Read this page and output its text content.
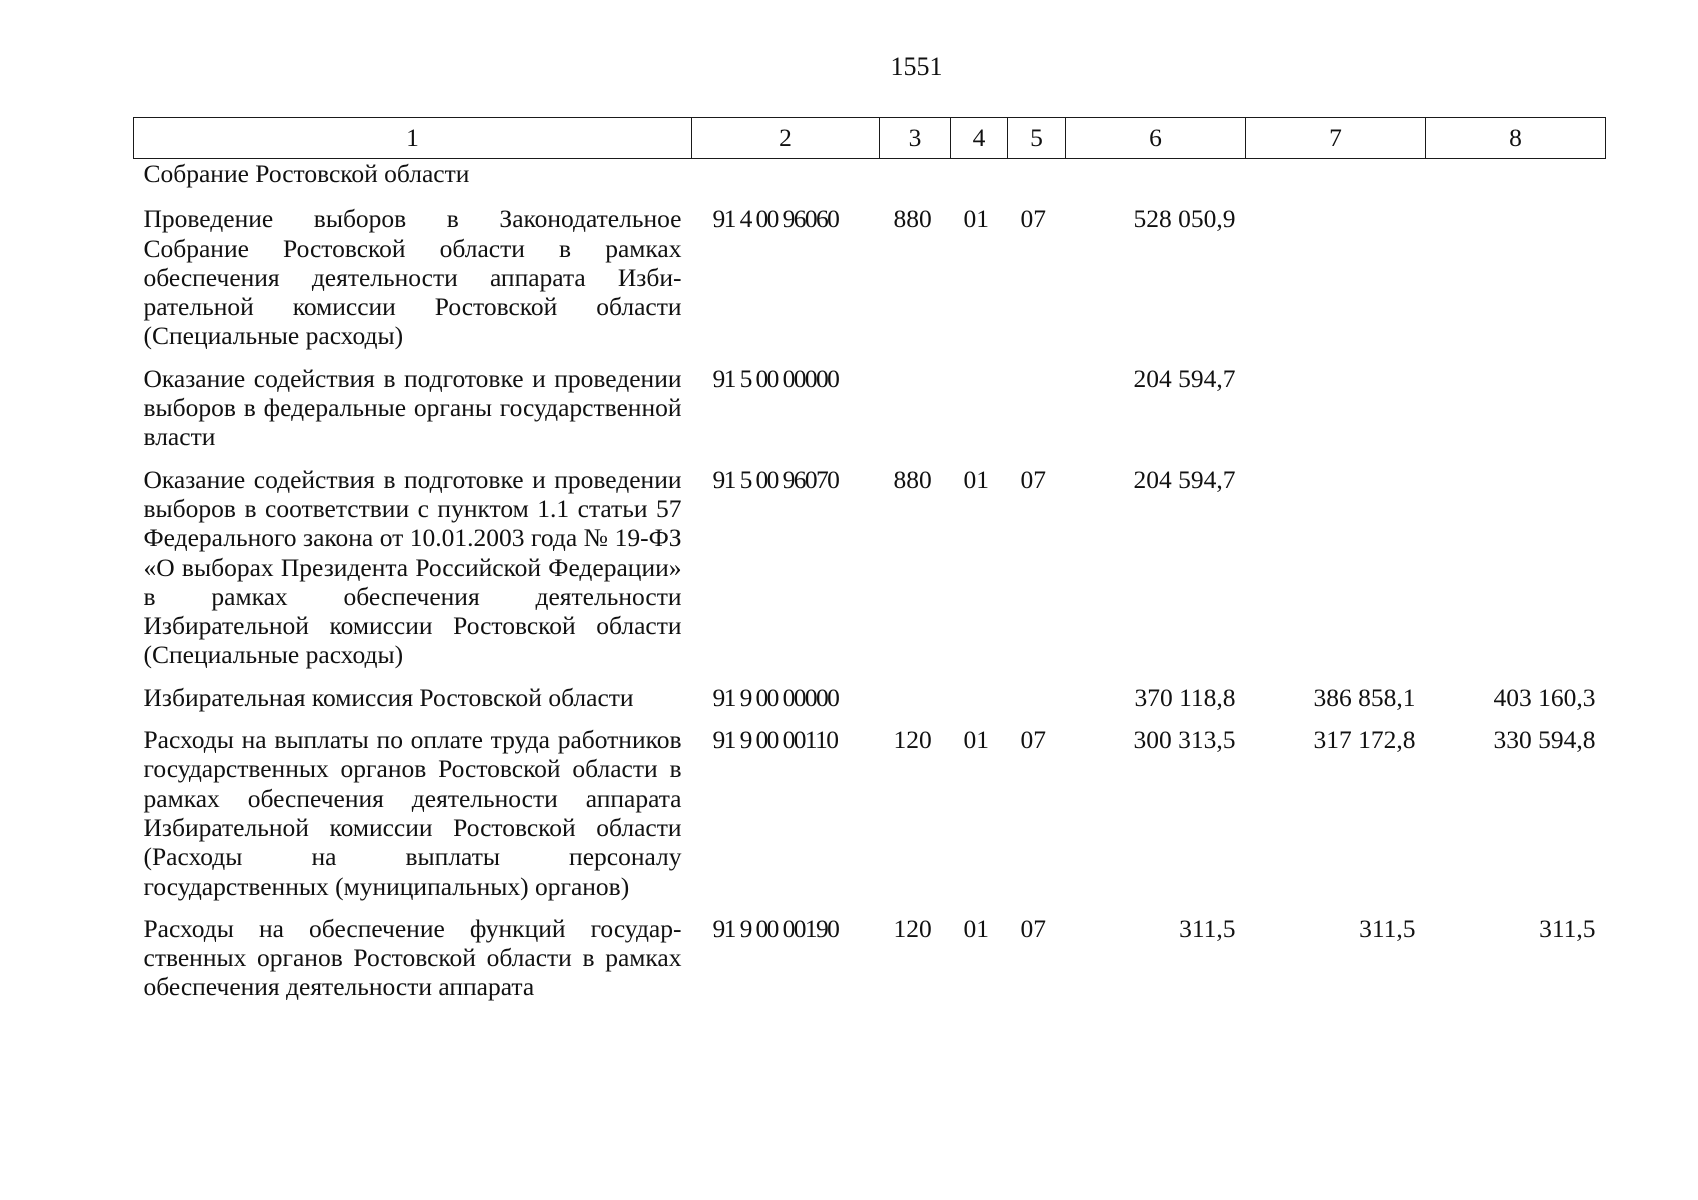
1551
1	2	3	4	5	6	7	8
Собрание Ростовской области							
Проведение выборов в Законодательное Собрание Ростовской области в рамках обеспечения деятельности аппарата Избирательной комиссии Ростовской области (Специальные расходы)	91 4 00 96060	880	01	07	528 050,9		
Оказание содействия в подготовке и проведении выборов в федеральные органы государственной власти	91 5 00 00000				204 594,7		
Оказание содействия в подготовке и проведении выборов в соответствии с пунктом 1.1 статьи 57 Федерального закона от 10.01.2003 года № 19-ФЗ «О выборах Президента Российской Федерации» в рамках обеспечения деятельности Избирательной комиссии Ростовской области (Специальные расходы)	91 5 00 96070	880	01	07	204 594,7		
Избирательная комиссия Ростовской области	91 9 00 00000				370 118,8	386 858,1	403 160,3
Расходы на выплаты по оплате труда работников государственных органов Ростовской области в рамках обеспечения деятельности аппарата Избирательной комиссии Ростовской области (Расходы на выплаты персоналу государственных (муниципальных) органов)	91 9 00 00110	120	01	07	300 313,5	317 172,8	330 594,8
Расходы на обеспечение функций государственных органов Ростовской области в рамках обеспечения деятельности аппарата	91 9 00 00190	120	01	07	311,5	311,5	311,5
